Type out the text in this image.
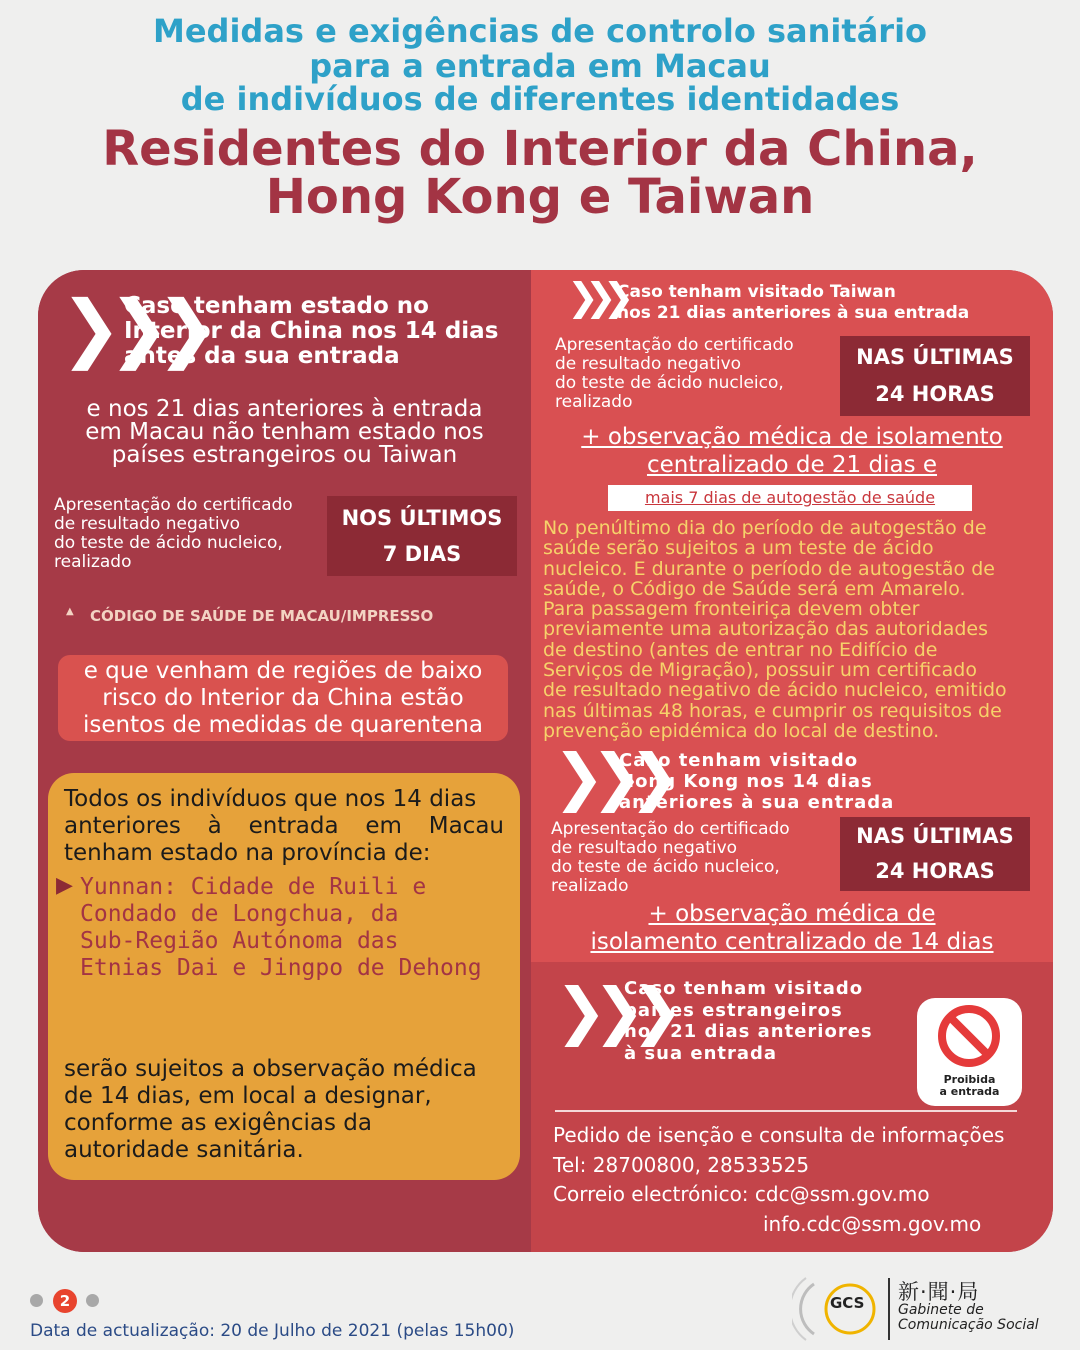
Medidas e exigências de controlo sanitário
para a entrada em Macau
de indivíduos de diferentes identidades
Residentes do Interior da China,
Hong Kong e Taiwan
❯❯❯
Caso tenham estado no
Interior da China nos 14 dias
antes da sua entrada
e nos 21 dias anteriores à entrada
em Macau não tenham estado nos
países estrangeiros ou Taiwan
Apresentação do certificado
de resultado negativo
do teste de ácido nucleico,
realizado
NOS ÚLTIMOS
7 DIAS
▲ CÓDIGO DE SAÚDE DE MACAU/IMPRESSO
e que venham de regiões de baixo
risco do Interior da China estão
isentos de medidas de quarentena
Todos os indivíduos que nos 14 dias
anteriores à entrada em Macau
tenham estado na província de:
▶ Yunnan: Cidade de Ruili e
Condado de Longchua, da
Sub-Região Autónoma das
Etnias Dai e Jingpo de Dehong
serão sujeitos a observação médica
de 14 dias, em local a designar,
conforme as exigências da
autoridade sanitária.
❯❯❯
Caso tenham visitado Taiwan
nos 21 dias anteriores à sua entrada
Apresentação do certificado
de resultado negativo
do teste de ácido nucleico,
realizado
NAS ÚLTIMAS
24 HORAS
+ observação médica de isolamento
centralizado de 21 dias e
mais 7 dias de autogestão de saúde
No penúltimo dia do período de autogestão de
saúde serão sujeitos a um teste de ácido
nucleico. E durante o período de autogestão de
saúde, o Código de Saúde será em Amarelo.
Para passagem fronteiriça devem obter
previamente uma autorização das autoridades
de destino (antes de entrar no Edifício de
Serviços de Migração), possuir um certificado
de resultado negativo de ácido nucleico, emitido
nas últimas 48 horas, e cumprir os requisitos de
prevenção epidémica do local de destino.
❯❯❯
Caso tenham visitado
Hong Kong nos 14 dias
anteriores à sua entrada
Apresentação do certificado
de resultado negativo
do teste de ácido nucleico,
realizado
NAS ÚLTIMAS
24 HORAS
+ observação médica de
isolamento centralizado de 14 dias
❯❯❯
Caso tenham visitado
países estrangeiros
nos 21 dias anteriores
à sua entrada
Proibida
a entrada
Pedido de isenção e consulta de informações
Tel: 28700800, 28533525
Correio electrónico: cdc@ssm.gov.mo
info.cdc@ssm.gov.mo
2
Data de actualização: 20 de Julho de 2021 (pelas 15h00)
GCS 新·聞·局
Gabinete de
Comunicação Social
